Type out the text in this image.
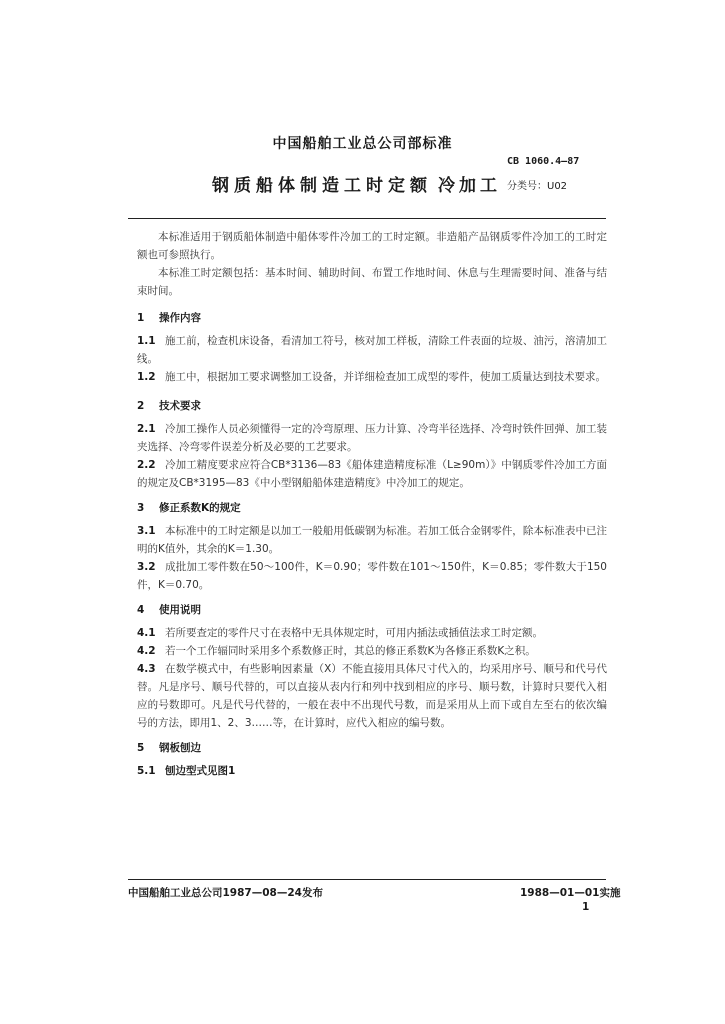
中国船舶工业总公司部标准
CB 1060.4—87
钢质船体制造工时定额 冷加工 分类号：U02
本标准适用于钢质船体制造中船体零件冷加工的工时定额。非造船产品钢质零件冷加工的工时定额也可参照执行。
本标准工时定额包括：基本时间、辅助时间、布置工作地时间、休息与生理需要时间、准备与结束时间。
1 操作内容
1.1 施工前，检查机床设备，看清加工符号，核对加工样板，清除工件表面的垃圾、油污，溶清加工线。
1.2 施工中，根据加工要求调整加工设备，并详细检查加工成型的零件，使加工质量达到技术要求。
2 技术要求
2.1 冷加工操作人员必须懂得一定的冷弯原理、压力计算、冷弯半径选择、冷弯时铁件回弹、加工装夹选择、冷弯零件误差分析及必要的工艺要求。
2.2 冷加工精度要求应符合CB*3136—83《船体建造精度标准（L≥90m）》中钢质零件冷加工方面的规定及CB*3195—83《中小型钢船船体建造精度》中冷加工的规定。
3 修正系数K的规定
3.1 本标准中的工时定额是以加工一般船用低碳钢为标准。若加工低合金钢零件，除本标准表中已注明的K值外，其余的K＝1.30。
3.2 成批加工零件数在50～100件，K＝0.90；零件数在101～150件，K＝0.85；零件数大于150件，K＝0.70。
4 使用说明
4.1 若所要查定的零件尺寸在表格中无具体规定时，可用内插法或插值法求工时定额。
4.2 若一个工作辐同时采用多个系数修正时，其总的修正系数K为各修正系数K之积。
4.3 在数学模式中，有些影响因素量（X）不能直接用具体尺寸代入的，均采用序号、顺号和代号代替。凡是序号、顺号代替的，可以直接从表内行和列中找到相应的序号、顺号数，计算时只要代入相应的号数即可。凡是代号代替的，一般在表中不出现代号数，而是采用从上而下或自左至右的依次编号的方法，即用1、2、3……等，在计算时，应代入相应的编号数。
5 钢板刨边
5.1 刨边型式见图1
中国船舶工业总公司1987—08—24发布	1988—01—01实施
1
